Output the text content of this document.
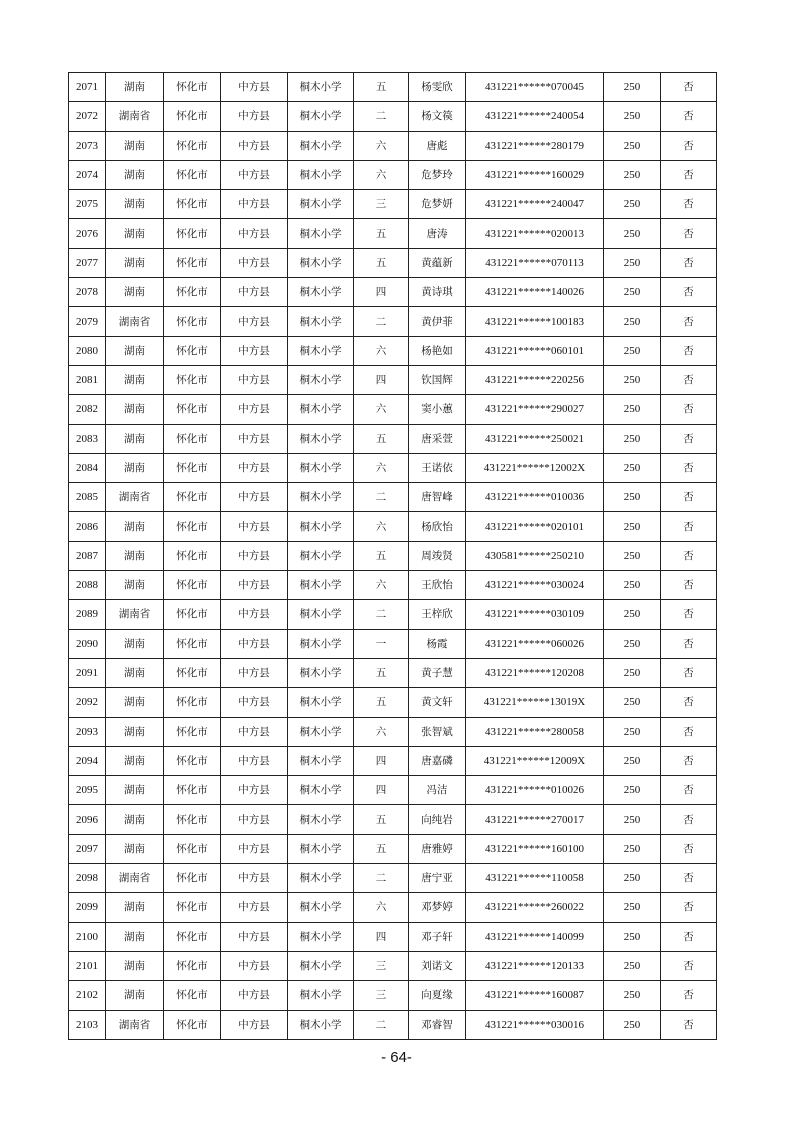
2071	湖南	怀化市	中方县	桐木小学	五	杨雯欣	431221******070045	250	否
2072	湖南省	怀化市	中方县	桐木小学	二	杨文篌	431221******240054	250	否
2073	湖南	怀化市	中方县	桐木小学	六	唐彪	431221******280179	250	否
2074	湖南	怀化市	中方县	桐木小学	六	危梦玲	431221******160029	250	否
2075	湖南	怀化市	中方县	桐木小学	三	危梦妍	431221******240047	250	否
2076	湖南	怀化市	中方县	桐木小学	五	唐涛	431221******020013	250	否
2077	湖南	怀化市	中方县	桐木小学	五	黄蕴新	431221******070113	250	否
2078	湖南	怀化市	中方县	桐木小学	四	黄诗琪	431221******140026	250	否
2079	湖南省	怀化市	中方县	桐木小学	二	黄伊菲	431221******100183	250	否
2080	湖南	怀化市	中方县	桐木小学	六	杨艳如	431221******060101	250	否
2081	湖南	怀化市	中方县	桐木小学	四	钦国辉	431221******220256	250	否
2082	湖南	怀化市	中方县	桐木小学	六	窦小蕙	431221******290027	250	否
2083	湖南	怀化市	中方县	桐木小学	五	唐采萱	431221******250021	250	否
2084	湖南	怀化市	中方县	桐木小学	六	王诺依	431221******12002X	250	否
2085	湖南省	怀化市	中方县	桐木小学	二	唐智峰	431221******010036	250	否
2086	湖南	怀化市	中方县	桐木小学	六	杨欣怡	431221******020101	250	否
2087	湖南	怀化市	中方县	桐木小学	五	周竣贤	430581******250210	250	否
2088	湖南	怀化市	中方县	桐木小学	六	王欣怡	431221******030024	250	否
2089	湖南省	怀化市	中方县	桐木小学	二	王梓欣	431221******030109	250	否
2090	湖南	怀化市	中方县	桐木小学	一	杨霞	431221******060026	250	否
2091	湖南	怀化市	中方县	桐木小学	五	黄子慧	431221******120208	250	否
2092	湖南	怀化市	中方县	桐木小学	五	黄文轩	431221******13019X	250	否
2093	湖南	怀化市	中方县	桐木小学	六	张智斌	431221******280058	250	否
2094	湖南	怀化市	中方县	桐木小学	四	唐嘉磷	431221******12009X	250	否
2095	湖南	怀化市	中方县	桐木小学	四	冯洁	431221******010026	250	否
2096	湖南	怀化市	中方县	桐木小学	五	向纯岩	431221******270017	250	否
2097	湖南	怀化市	中方县	桐木小学	五	唐雅婷	431221******160100	250	否
2098	湖南省	怀化市	中方县	桐木小学	二	唐宁亚	431221******110058	250	否
2099	湖南	怀化市	中方县	桐木小学	六	邓梦婷	431221******260022	250	否
2100	湖南	怀化市	中方县	桐木小学	四	邓子轩	431221******140099	250	否
2101	湖南	怀化市	中方县	桐木小学	三	刘诺文	431221******120133	250	否
2102	湖南	怀化市	中方县	桐木小学	三	向夏缘	431221******160087	250	否
2103	湖南省	怀化市	中方县	桐木小学	二	邓睿智	431221******030016	250	否
- 64-
